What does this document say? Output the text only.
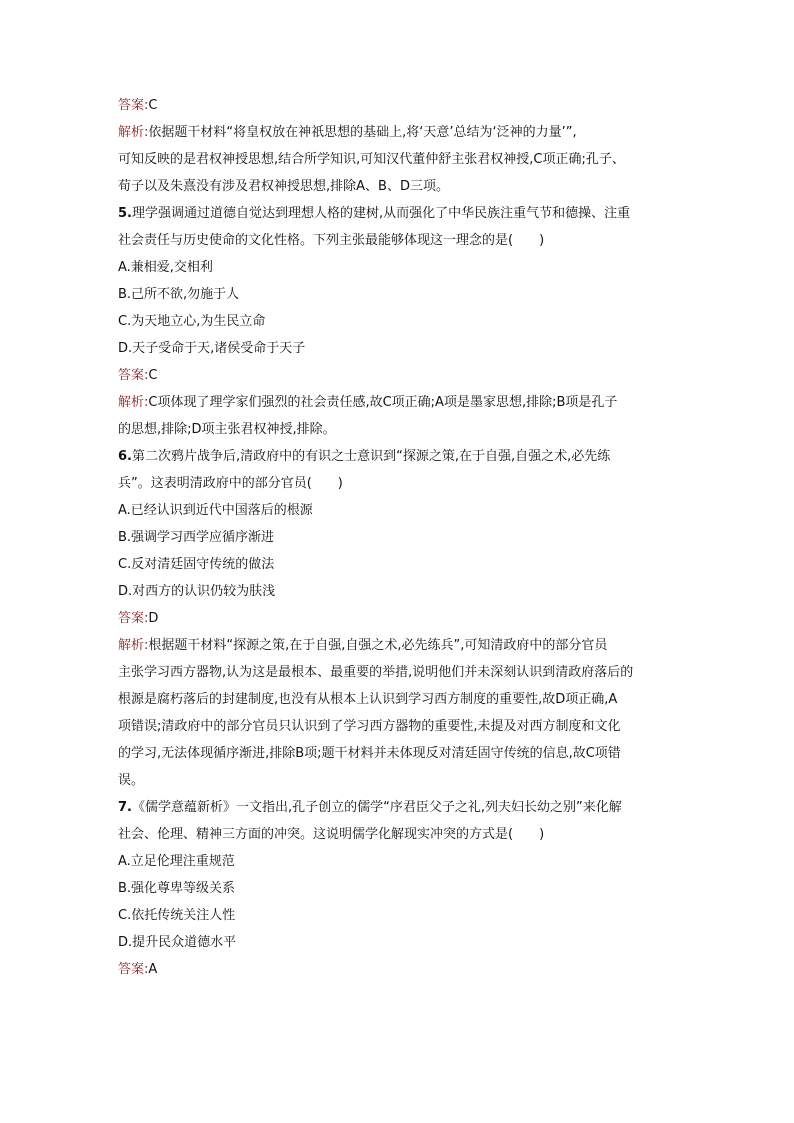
答案:C
解析:依据题干材料“将皇权放在神祇思想的基础上,将‘天意’总结为‘泛神的力量’”,
可知反映的是君权神授思想,结合所学知识,可知汉代董仲舒主张君权神授,C项正确;孔子、
荀子以及朱熹没有涉及君权神授思想,排除A、B、D三项。
5.理学强调通过道德自觉达到理想人格的建树,从而强化了中华民族注重气节和德操、注重
社会责任与历史使命的文化性格。下列主张最能够体现这一理念的是(　　)
A.兼相爱,交相利
B.己所不欲,勿施于人
C.为天地立心,为生民立命
D.天子受命于天,诸侯受命于天子
答案:C
解析:C项体现了理学家们强烈的社会责任感,故C项正确;A项是墨家思想,排除;B项是孔子
的思想,排除;D项主张君权神授,排除。
6.第二次鸦片战争后,清政府中的有识之士意识到“探源之策,在于自强,自强之术,必先练
兵”。这表明清政府中的部分官员(　　)
A.已经认识到近代中国落后的根源
B.强调学习西学应循序渐进
C.反对清廷固守传统的做法
D.对西方的认识仍较为肤浅
答案:D
解析:根据题干材料“探源之策,在于自强,自强之术,必先练兵”,可知清政府中的部分官员
主张学习西方器物,认为这是最根本、最重要的举措,说明他们并未深刻认识到清政府落后的
根源是腐朽落后的封建制度,也没有从根本上认识到学习西方制度的重要性,故D项正确,A
项错误;清政府中的部分官员只认识到了学习西方器物的重要性,未提及对西方制度和文化
的学习,无法体现循序渐进,排除B项;题干材料并未体现反对清廷固守传统的信息,故C项错
误。
7.《儒学意蕴新析》一文指出,孔子创立的儒学“序君臣父子之礼,列夫妇长幼之别”来化解
社会、伦理、精神三方面的冲突。这说明儒学化解现实冲突的方式是(　　)
A.立足伦理注重规范
B.强化尊卑等级关系
C.依托传统关注人性
D.提升民众道德水平
答案:A
